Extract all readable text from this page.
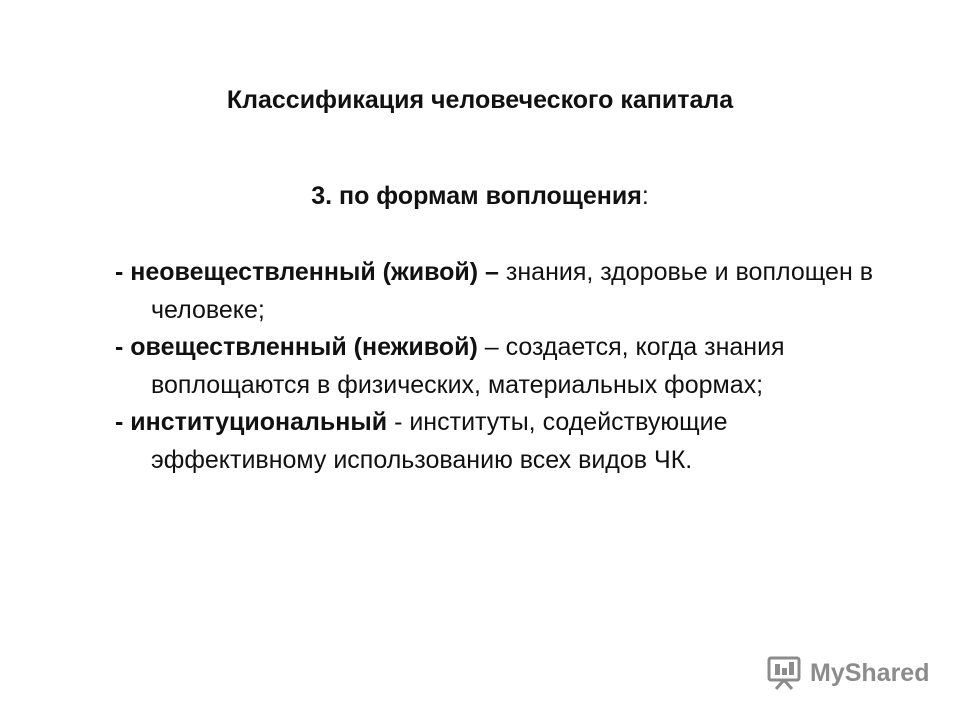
Классификация человеческого капитала
3. по формам воплощения:
- неовеществленный (живой) – знания, здоровье и воплощен в человеке;
- овеществленный (неживой) – создается, когда знания воплощаются в физических, материальных формах;
- институциональный - институты, содействующие эффективному использованию всех видов ЧК.
MyShared
